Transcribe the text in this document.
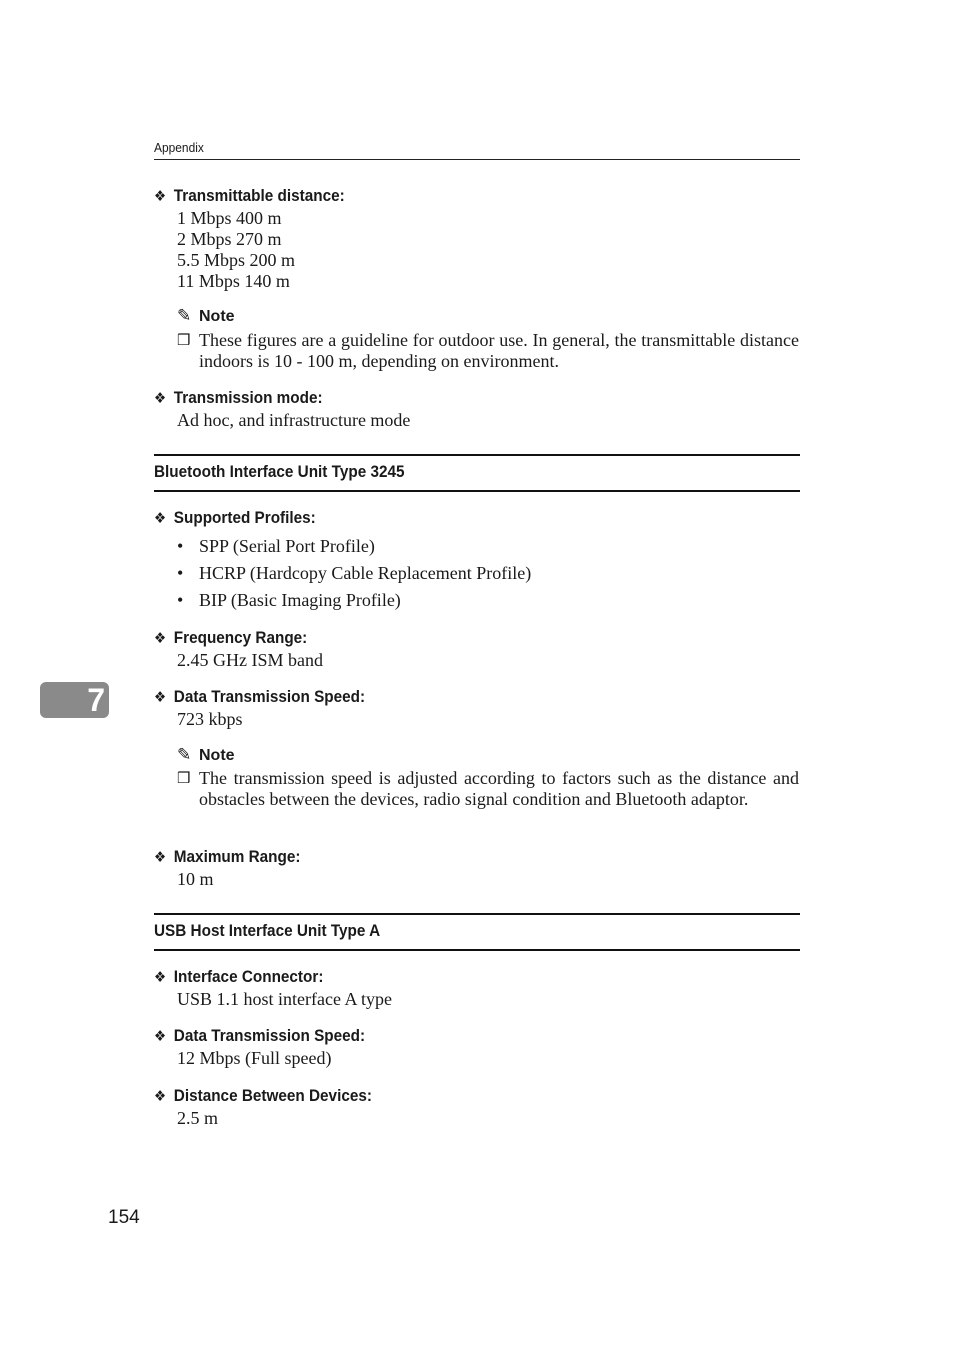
Appendix
❖ Transmittable distance:
1 Mbps 400 m
2 Mbps 270 m
5.5 Mbps 200 m
11 Mbps 140 m
✎ Note
❒ These figures are a guideline for outdoor use. In general, the transmittable distance indoors is 10 - 100 m, depending on environment.
❖ Transmission mode:
Ad hoc, and infrastructure mode
Bluetooth Interface Unit Type 3245
❖ Supported Profiles:
• SPP (Serial Port Profile)
• HCRP (Hardcopy Cable Replacement Profile)
• BIP (Basic Imaging Profile)
❖ Frequency Range:
2.45 GHz ISM band
❖ Data Transmission Speed:
723 kbps
✎ Note
❒ The transmission speed is adjusted according to factors such as the distance and obstacles between the devices, radio signal condition and Bluetooth adaptor.
❖ Maximum Range:
10 m
USB Host Interface Unit Type A
❖ Interface Connector:
USB 1.1 host interface A type
❖ Data Transmission Speed:
12 Mbps (Full speed)
❖ Distance Between Devices:
2.5 m
7
154
